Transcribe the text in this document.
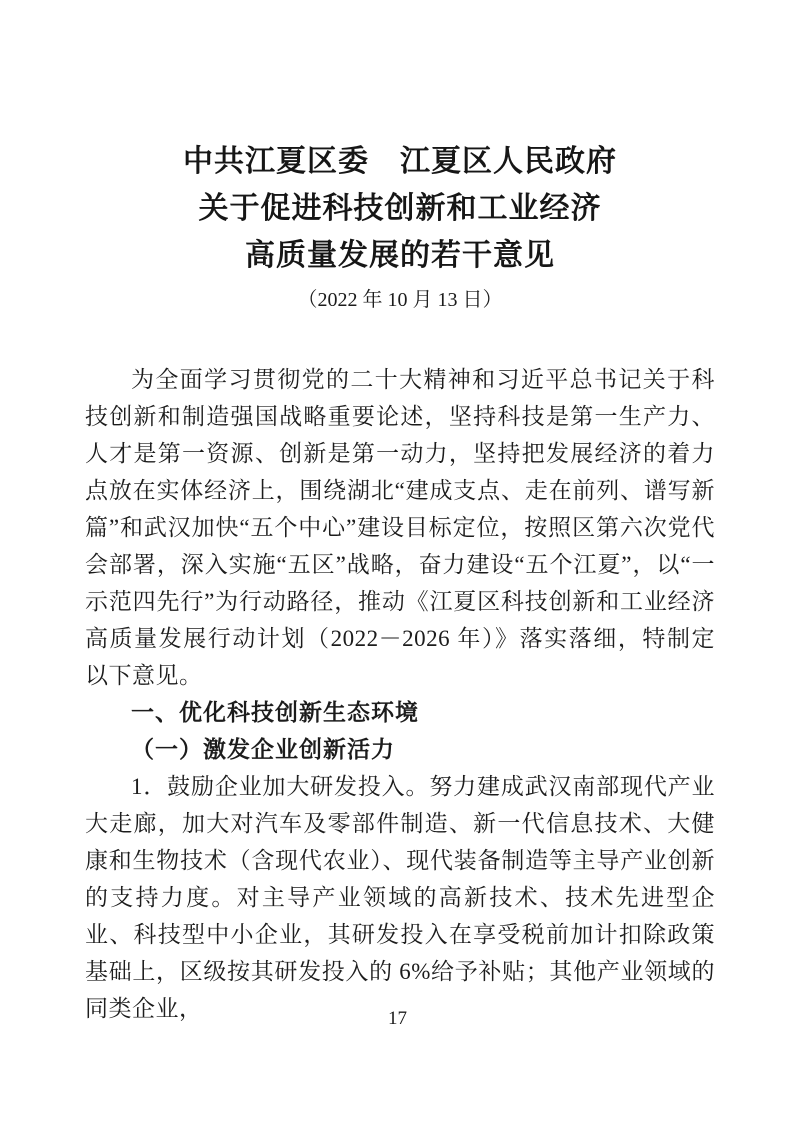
中共江夏区委　江夏区人民政府
关于促进科技创新和工业经济
高质量发展的若干意见
（2022 年 10 月 13 日）

为全面学习贯彻党的二十大精神和习近平总书记关于科技创新和制造强国战略重要论述，坚持科技是第一生产力、人才是第一资源、创新是第一动力，坚持把发展经济的着力点放在实体经济上，围绕湖北“建成支点、走在前列、谱写新篇”和武汉加快“五个中心”建设目标定位，按照区第六次党代会部署，深入实施“五区”战略，奋力建设“五个江夏”，以“一示范四先行”为行动路径，推动《江夏区科技创新和工业经济高质量发展行动计划（2022－2026 年）》落实落细，特制定以下意见。

一、优化科技创新生态环境

（一）激发企业创新活力

1．鼓励企业加大研发投入。努力建成武汉南部现代产业大走廊，加大对汽车及零部件制造、新一代信息技术、大健康和生物技术（含现代农业）、现代装备制造等主导产业创新的支持力度。对主导产业领域的高新技术、技术先进型企业、科技型中小企业，其研发投入在享受税前加计扣除政策基础上，区级按其研发投入的 6%给予补贴；其他产业领域的同类企业，	17
